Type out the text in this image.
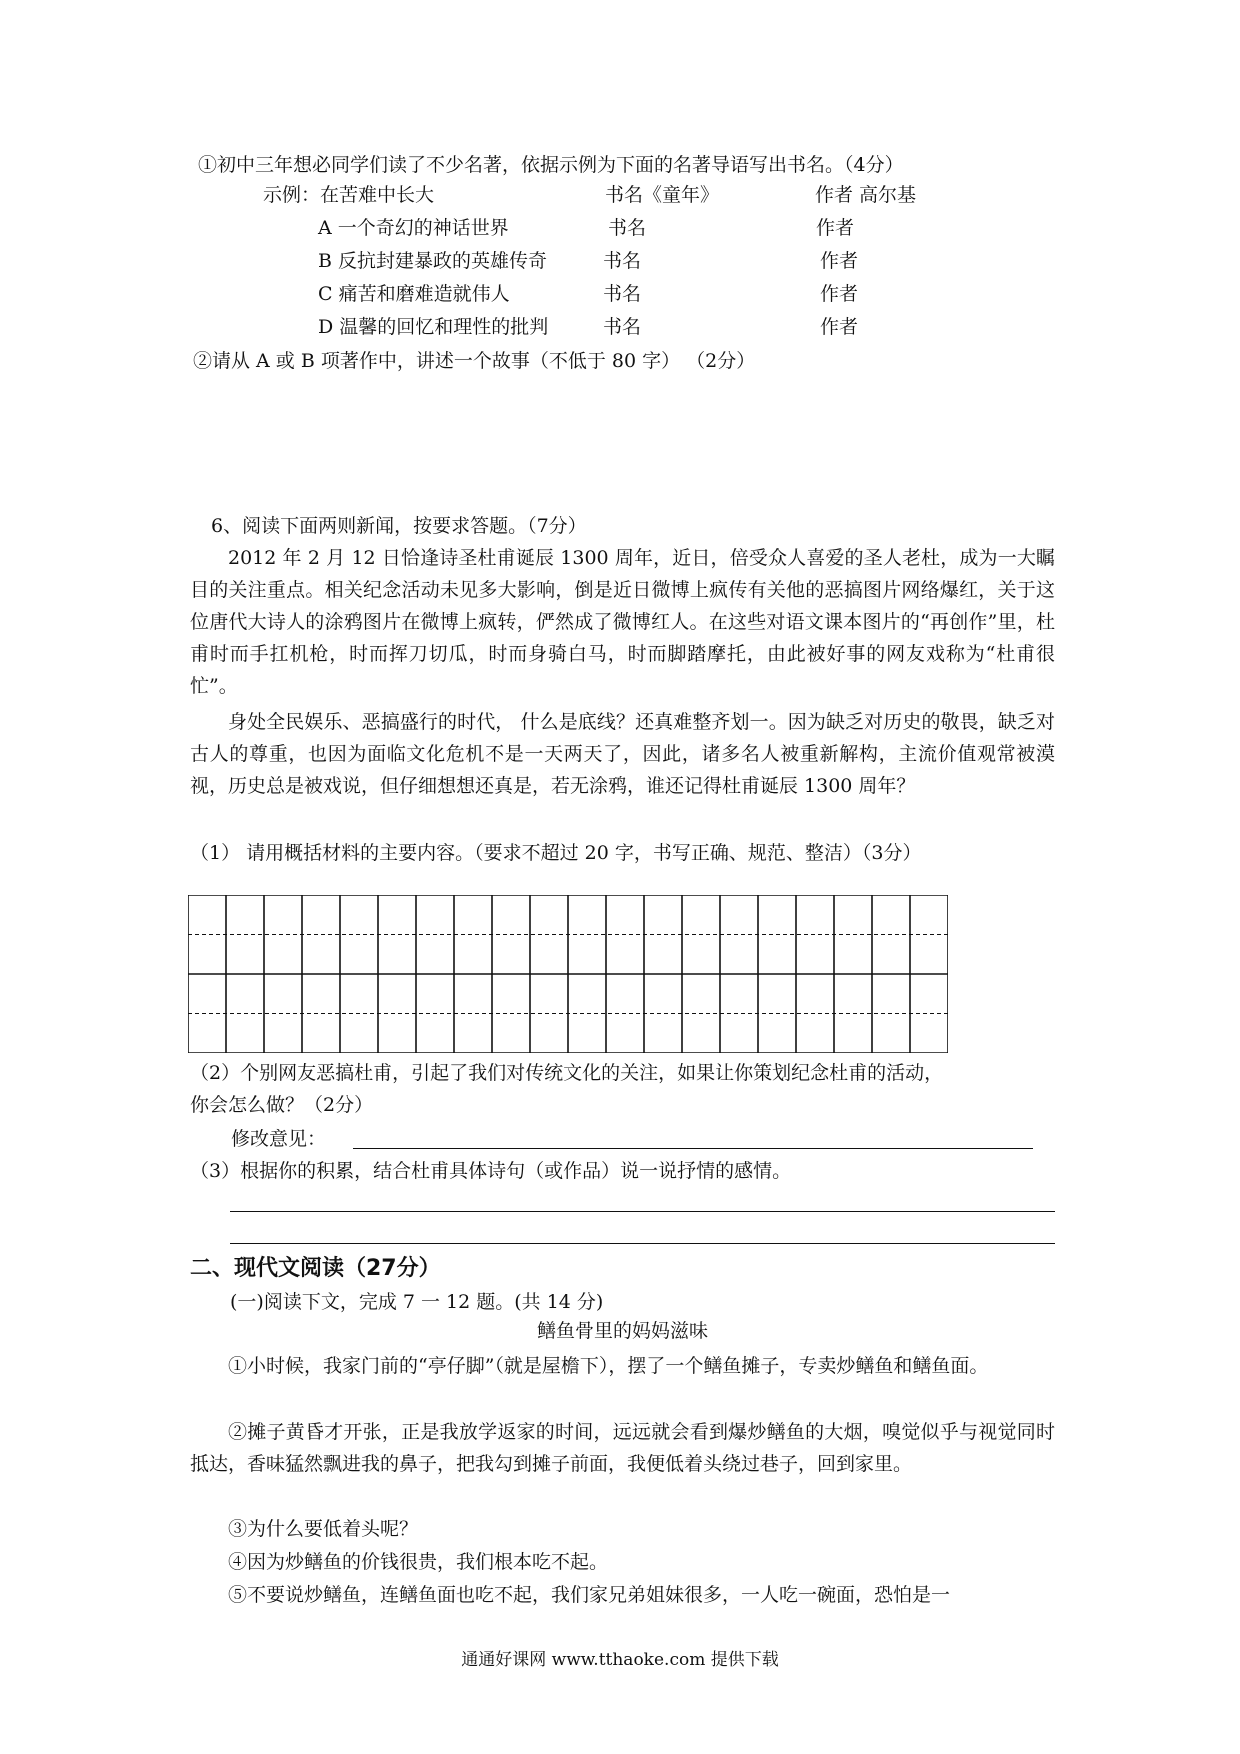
①初中三年想必同学们读了不少名著，依据示例为下面的名著导语写出书名。（4分）
示例：在苦难中长大	书名《童年》	作者 高尔基
A 一个奇幻的神话世界	书名	作者
B 反抗封建暴政的英雄传奇	书名	作者
C 痛苦和磨难造就伟人	书名	作者
D 温馨的回忆和理性的批判	书名	作者
②请从 A 或 B 项著作中，讲述一个故事（不低于 80 字） （2分）
6、阅读下面两则新闻，按要求答题。（7分）
2012 年 2 月 12 日恰逢诗圣杜甫诞辰 1300 周年，近日，倍受众人喜爱的圣人老杜，成为一大瞩目的关注重点。相关纪念活动未见多大影响，倒是近日微博上疯传有关他的恶搞图片网络爆红，关于这位唐代大诗人的涂鸦图片在微博上疯转，俨然成了微博红人。在这些对语文课本图片的“再创作”里，杜甫时而手扛机枪，时而挥刀切瓜，时而身骑白马，时而脚踏摩托，由此被好事的网友戏称为“杜甫很忙”。
身处全民娱乐、恶搞盛行的时代， 什么是底线？还真难整齐划一。因为缺乏对历史的敬畏，缺乏对古人的尊重，也因为面临文化危机不是一天两天了，因此，诸多名人被重新解构，主流价值观常被漠视，历史总是被戏说，但仔细想想还真是，若无涂鸦，谁还记得杜甫诞辰 1300 周年？
（1） 请用概括材料的主要内容。（要求不超过 20 字，书写正确、规范、整洁）（3分）
（2）个别网友恶搞杜甫，引起了我们对传统文化的关注，如果让你策划纪念杜甫的活动，
你会怎么做？（2分）
修改意见：
（3）根据你的积累，结合杜甫具体诗句（或作品）说一说抒情的感情。
二、现代文阅读（27分）
(一)阅读下文，完成 7 一 12 题。(共 14 分)
鳝鱼骨里的妈妈滋味
①小时候，我家门前的“亭仔脚”（就是屋檐下），摆了一个鳝鱼摊子，专卖炒鳝鱼和鳝鱼面。
②摊子黄昏才开张，正是我放学返家的时间，远远就会看到爆炒鳝鱼的大烟，嗅觉似乎与视觉同时抵达，香味猛然飘进我的鼻子，把我勾到摊子前面，我便低着头绕过巷子，回到家里。
③为什么要低着头呢？
④因为炒鳝鱼的价钱很贵，我们根本吃不起。
⑤不要说炒鳝鱼，连鳝鱼面也吃不起，我们家兄弟姐妹很多，一人吃一碗面，恐怕是一
通通好课网 www.tthaoke.com 提供下载
